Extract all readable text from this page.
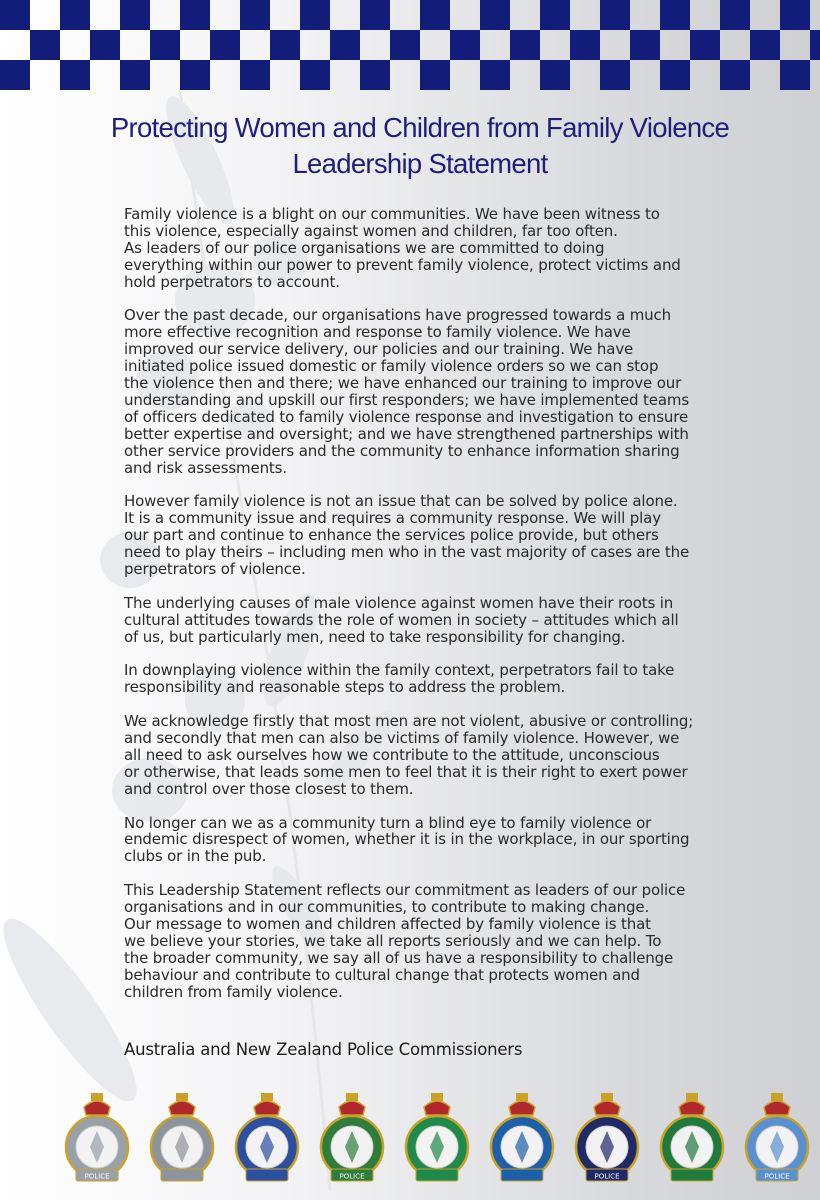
Protecting Women and Children from Family Violence
Leadership Statement

Family violence is a blight on our communities. We have been witness to
this violence, especially against women and children, far too often.
As leaders of our police organisations we are committed to doing
everything within our power to prevent family violence, protect victims and
hold perpetrators to account.

Over the past decade, our organisations have progressed towards a much
more effective recognition and response to family violence. We have
improved our service delivery, our policies and our training. We have
initiated police issued domestic or family violence orders so we can stop
the violence then and there; we have enhanced our training to improve our
understanding and upskill our first responders; we have implemented teams
of officers dedicated to family violence response and investigation to ensure
better expertise and oversight; and we have strengthened partnerships with
other service providers and the community to enhance information sharing
and risk assessments.

However family violence is not an issue that can be solved by police alone.
It is a community issue and requires a community response. We will play
our part and continue to enhance the services police provide, but others
need to play theirs – including men who in the vast majority of cases are the
perpetrators of violence.

The underlying causes of male violence against women have their roots in
cultural attitudes towards the role of women in society – attitudes which all
of us, but particularly men, need to take responsibility for changing.

In downplaying violence within the family context, perpetrators fail to take
responsibility and reasonable steps to address the problem.

We acknowledge firstly that most men are not violent, abusive or controlling;
and secondly that men can also be victims of family violence. However, we
all need to ask ourselves how we contribute to the attitude, unconscious
or otherwise, that leads some men to feel that it is their right to exert power
and control over those closest to them.

No longer can we as a community turn a blind eye to family violence or
endemic disrespect of women, whether it is in the workplace, in our sporting
clubs or in the pub.

This Leadership Statement reflects our commitment as leaders of our police
organisations and in our communities, to contribute to making change.
Our message to women and children affected by family violence is that
we believe your stories, we take all reports seriously and we can help. To
the broader community, we say all of us have a responsibility to challenge
behaviour and contribute to cultural change that protects women and
children from family violence.

Australia and New Zealand Police Commissioners

POLICE	POLICE	POLICE	POLICE
